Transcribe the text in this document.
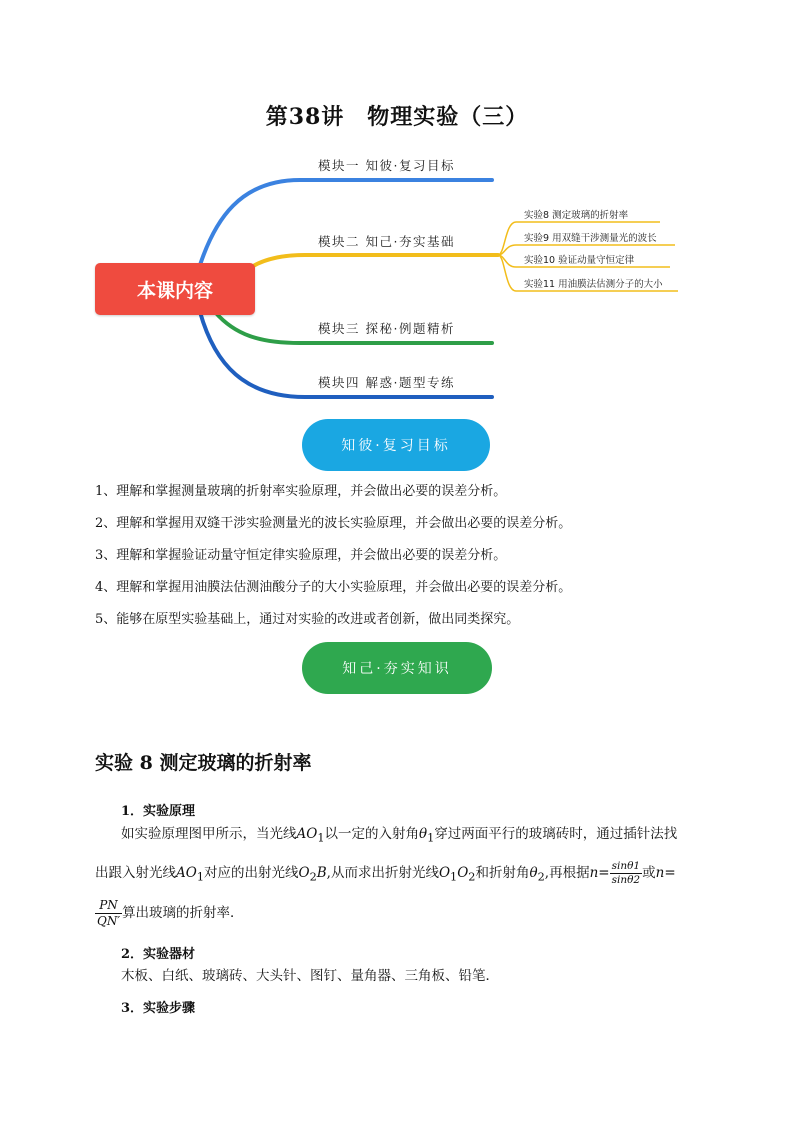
第38讲　物理实验（三）
模块一 知彼·复习目标
模块二 知己·夯实基础
模块三 探秘·例题精析
模块四 解惑·题型专练
实验8 测定玻璃的折射率
实验9 用双缝干涉测量光的波长
实验10 验证动量守恒定律
实验11 用油膜法估测分子的大小
本课内容
知彼·复习目标
1、理解和掌握测量玻璃的折射率实验原理，并会做出必要的误差分析。
2、理解和掌握用双缝干涉实验测量光的波长实验原理，并会做出必要的误差分析。
3、理解和掌握验证动量守恒定律实验原理，并会做出必要的误差分析。
4、理解和掌握用油膜法估测油酸分子的大小实验原理，并会做出必要的误差分析。
5、能够在原型实验基础上，通过对实验的改进或者创新，做出同类探究。
知己·夯实知识
实验 8 测定玻璃的折射率
1．实验原理
如实验原理图甲所示，当光线$AO_1$以一定的入射角$\theta_1$穿过两面平行的玻璃砖时，通过插针法找
出跟入射光线$AO_1$对应的出射光线$O_2B$,从而求出折射光线$O_1O_2$和折射角$\theta_2$,再根据$n= \frac{\sin\theta 1}{\sin\theta 2}$ 或n=
$\frac{PN}{QN'}$ 算出玻璃的折射率．
2．实验器材
木板、白纸、玻璃砖、大头针、图钉、量角器、三角板、铅笔．
3．实验步骤
